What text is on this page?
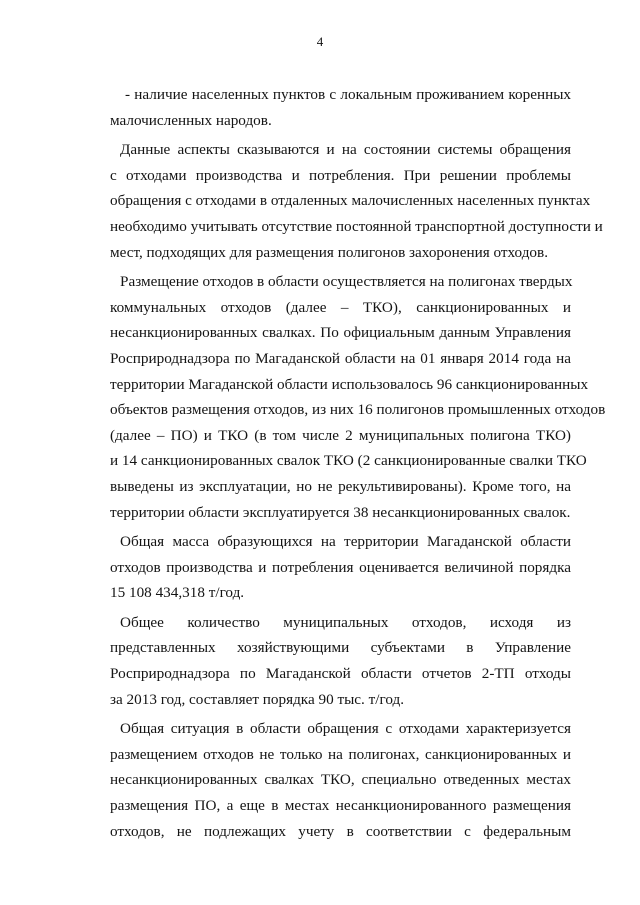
4
- наличие населенных пунктов с локальным проживанием коренных
малочисленных народов.
Данные аспекты сказываются и на состоянии системы обращения
с отходами производства и потребления. При решении проблемы
обращения с отходами в отдаленных малочисленных населенных пунктах
необходимо учитывать отсутствие постоянной транспортной доступности и
мест, подходящих для размещения полигонов захоронения отходов.
Размещение отходов в области осуществляется на полигонах твердых
коммунальных отходов (далее – ТКО), санкционированных и
несанкционированных свалках. По официальным данным Управления
Росприроднадзора по Магаданской области на 01 января 2014 года на
территории Магаданской области использовалось 96 санкционированных
объектов размещения отходов, из них 16 полигонов промышленных отходов
(далее – ПО) и ТКО (в том числе 2 муниципальных полигона ТКО)
и 14 санкционированных свалок ТКО (2 санкционированные свалки ТКО
выведены из эксплуатации, но не рекультивированы). Кроме того, на
территории области эксплуатируется 38 несанкционированных свалок.
Общая масса образующихся на территории Магаданской области
отходов производства и потребления оценивается величиной порядка
15 108 434,318 т/год.
Общее количество муниципальных отходов, исходя из
представленных хозяйствующими субъектами в Управление
Росприроднадзора по Магаданской области отчетов 2-ТП отходы
за 2013 год, составляет порядка 90 тыс. т/год.
Общая ситуация в области обращения с отходами характеризуется
размещением отходов не только на полигонах, санкционированных и
несанкционированных свалках ТКО, специально отведенных местах
размещения ПО, а еще в местах несанкционированного размещения
отходов, не подлежащих учету в соответствии с федеральным
